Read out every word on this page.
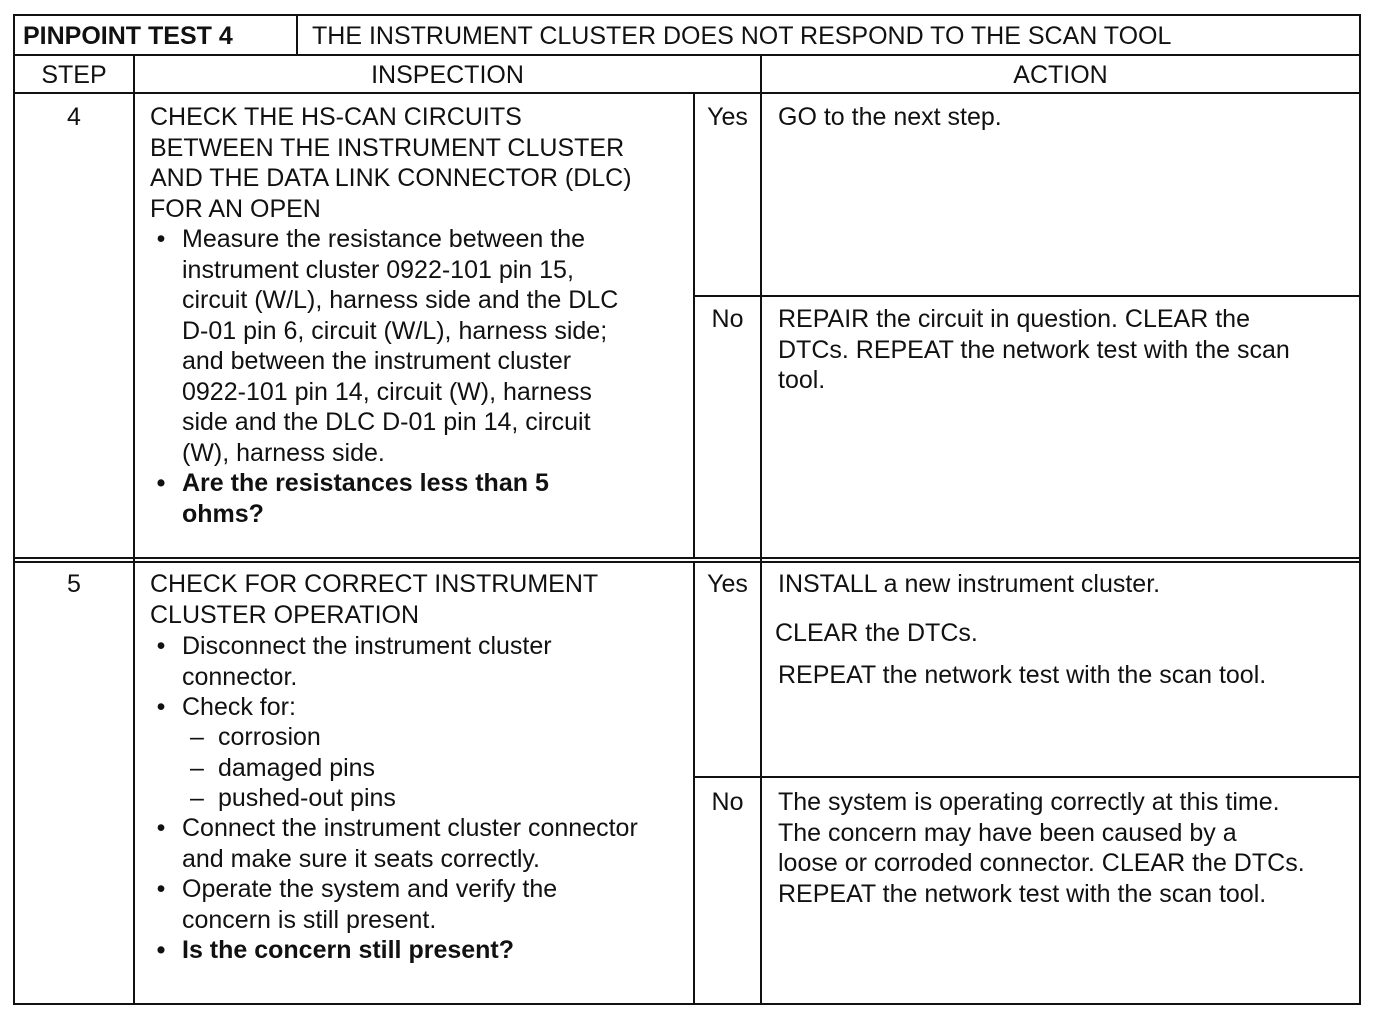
PINPOINT TEST 4	THE INSTRUMENT CLUSTER DOES NOT RESPOND TO THE SCAN TOOL
STEP	INSPECTION	ACTION
4	CHECK THE HS-CAN CIRCUITS
BETWEEN THE INSTRUMENT CLUSTER
AND THE DATA LINK CONNECTOR (DLC)
FOR AN OPEN
• Measure the resistance between the
instrument cluster 0922-101 pin 15,
circuit (W/L), harness side and the DLC
D-01 pin 6, circuit (W/L), harness side;
and between the instrument cluster
0922-101 pin 14, circuit (W), harness
side and the DLC D-01 pin 14, circuit
(W), harness side.
• Are the resistances less than 5
ohms?
Yes	GO to the next step.
No	REPAIR the circuit in question. CLEAR the
DTCs. REPEAT the network test with the scan
tool.
5	CHECK FOR CORRECT INSTRUMENT
CLUSTER OPERATION
• Disconnect the instrument cluster
connector.
• Check for:
– corrosion
– damaged pins
– pushed-out pins
• Connect the instrument cluster connector
and make sure it seats correctly.
• Operate the system and verify the
concern is still present.
• Is the concern still present?
Yes	INSTALL a new instrument cluster.
CLEAR the DTCs.
REPEAT the network test with the scan tool.
No	The system is operating correctly at this time.
The concern may have been caused by a
loose or corroded connector. CLEAR the DTCs.
REPEAT the network test with the scan tool.
